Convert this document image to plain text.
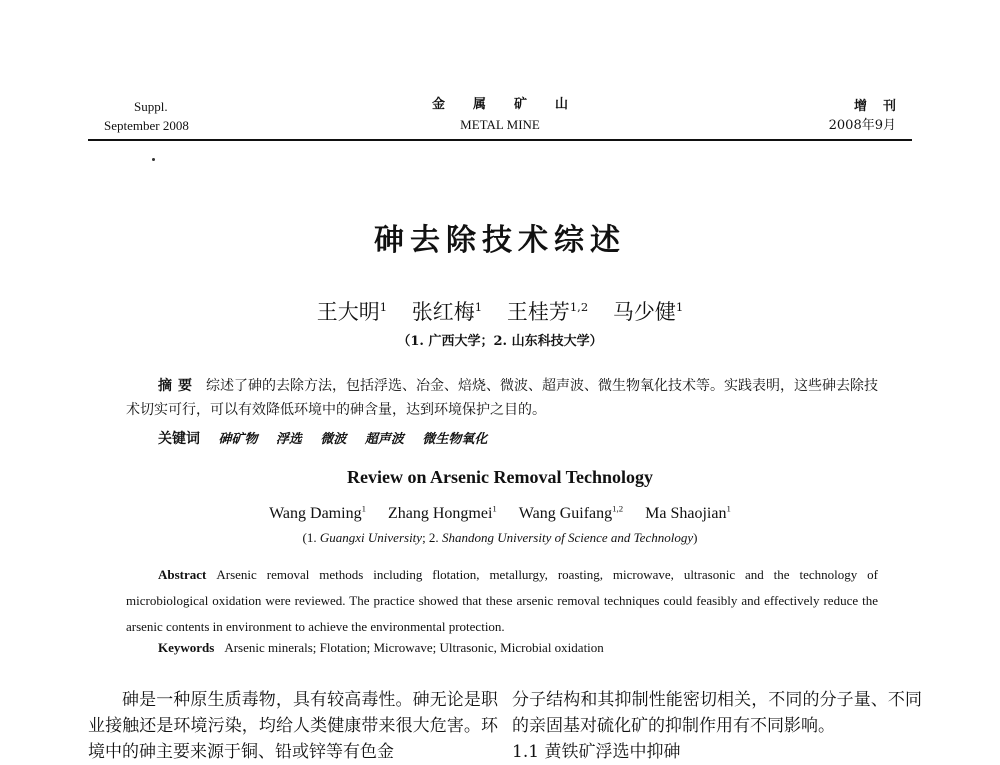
Suppl.
September 2008
金属矿山
METAL MINE
增刊
2008年9月
砷去除技术综述
王大明$^1$ 张红梅$^1$ 王桂芳$^{1,2}$ 马少健$^1$
（1. 广西大学；2. 山东科技大学）
摘要 综述了砷的去除方法，包括浮选、冶金、焙烧、微波、超声波、微生物氧化技术等。实践表明，这些砷去除技术切实可行，可以有效降低环境中的砷含量，达到环境保护之目的。
关键词 砷矿物 浮选 微波 超声波 微生物氧化
Review on Arsenic Removal Technology
Wang Daming$^1$ Zhang Hongmei$^1$ Wang Guifang$^{1,2}$ Ma Shaojian$^1$
(1. Guangxi University; 2. Shandong University of Science and Technology)
Abstract Arsenic removal methods including flotation, metallurgy, roasting, microwave, ultrasonic and the technology of microbiological oxidation were reviewed. The practice showed that these arsenic removal techniques could feasibly and effectively reduce the arsenic contents in environment to achieve the environmental protection.
Keywords Arsenic minerals; Flotation; Microwave; Ultrasonic, Microbial oxidation
砷是一种原生质毒物，具有较高毒性。砷无论是职业接触还是环境污染，均给人类健康带来很大危害。环境中的砷主要来源于铜、铅或锌等有色金
分子结构和其抑制性能密切相关，不同的分子量、不同的亲固基对硫化矿的抑制作用有不同影响。
1.1 黄铁矿浮选中抑砷
